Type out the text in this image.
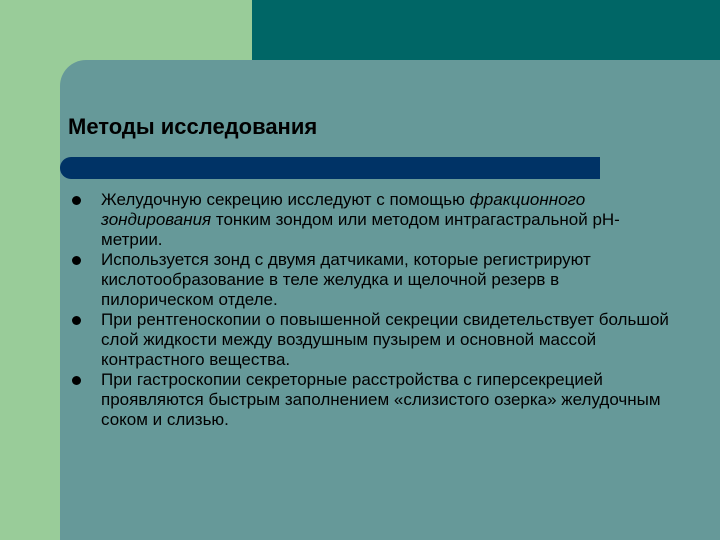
Методы исследования
Желудочную секрецию исследуют с помощью фракционного зондирования тонким зондом или методом интрагастральной pH-метрии.
Используется зонд с двумя датчиками, которые регистрируют кислотообразование в теле желудка и щелочной резерв в пилорическом отделе.
При рентгеноскопии о повышенной секреции свидетельствует большой слой жидкости между воздушным пузырем и основной массой контрастного вещества.
При гастроскопии секреторные расстройства с гиперсекрецией проявляются быстрым заполнением «слизистого озерка» желудочным соком и слизью.
